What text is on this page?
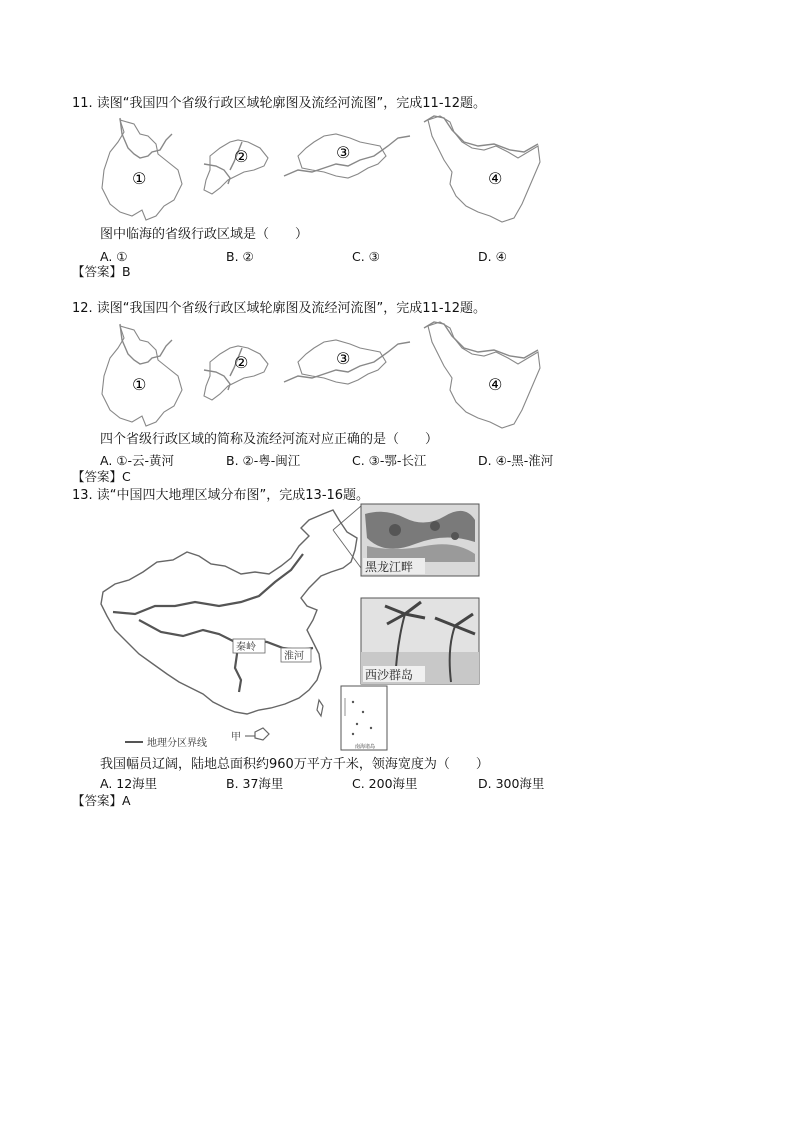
11. 读图“我国四个省级行政区域轮廓图及流经河流图”，完成11-12题。
①
②	③
④
图中临海的省级行政区域是（　　）
A. ①	B. ②	C. ③	D. ④
【答案】B
12. 读图“我国四个省级行政区域轮廓图及流经河流图”，完成11-12题。
①
②	③
④
四个省级行政区域的简称及流经河流对应正确的是（　　）
A. ①-云-黄河	B. ②-粤-闽江	C. ③-鄂-长江	D. ④-黑-淮河
【答案】C
13. 读“中国四大地理区域分布图”，完成13-16题。
秦岭
淮河
甲
地理分区界线
黑龙江畔
西沙群岛
南海诸岛
我国幅员辽阔，陆地总面积约960万平方千米，领海宽度为（　　）
A. 12海里	B. 37海里	C. 200海里	D. 300海里
【答案】A
